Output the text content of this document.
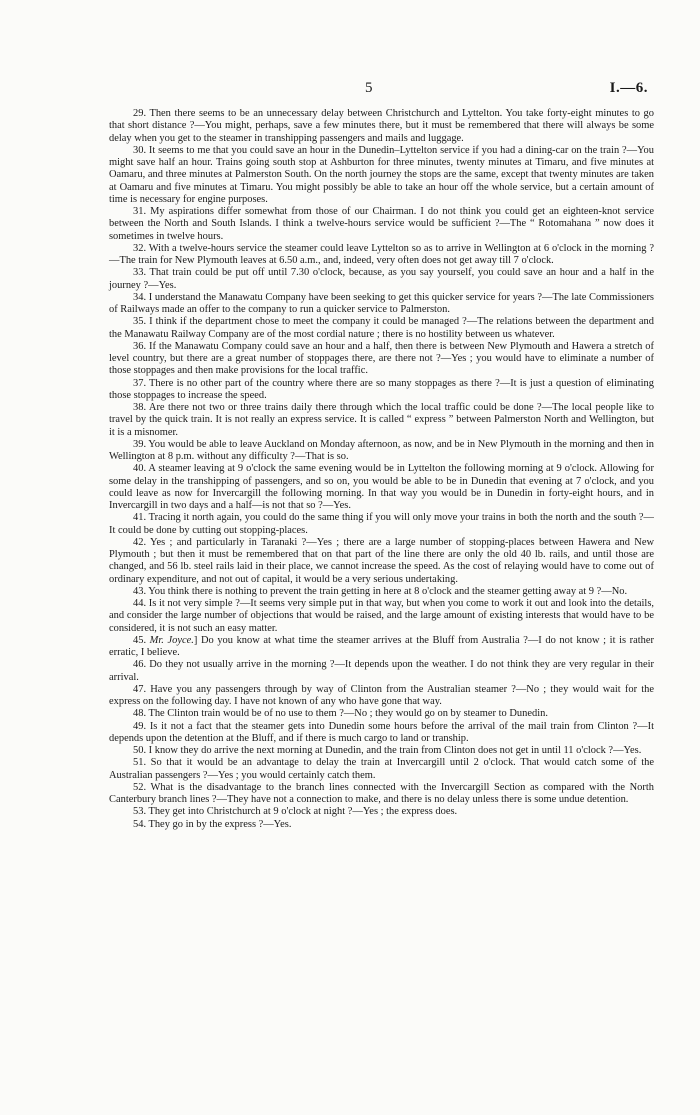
5	I.—6.

29. Then there seems to be an unnecessary delay between Christchurch and Lyttelton. You take forty-eight minutes to go that short distance ?—You might, perhaps, save a few minutes there, but it must be remembered that there will always be some delay when you get to the steamer in transhipping passengers and mails and luggage.

30. It seems to me that you could save an hour in the Dunedin–Lyttelton service if you had a dining-car on the train ?—You might save half an hour. Trains going south stop at Ashburton for three minutes, twenty minutes at Timaru, and five minutes at Oamaru, and three minutes at Palmerston South. On the north journey the stops are the same, except that twenty minutes are taken at Oamaru and five minutes at Timaru. You might possibly be able to take an hour off the whole service, but a certain amount of time is necessary for engine purposes.

31. My aspirations differ somewhat from those of our Chairman. I do not think you could get an eighteen-knot service between the North and South Islands. I think a twelve-hours service would be sufficient ?—The “ Rotomahana ” now does it sometimes in twelve hours.

32. With a twelve-hours service the steamer could leave Lyttelton so as to arrive in Wellington at 6 o'clock in the morning ?—The train for New Plymouth leaves at 6.50 a.m., and, indeed, very often does not get away till 7 o'clock.

33. That train could be put off until 7.30 o'clock, because, as you say yourself, you could save an hour and a half in the journey ?—Yes.

34. I understand the Manawatu Company have been seeking to get this quicker service for years ?—The late Commissioners of Railways made an offer to the company to run a quicker service to Palmerston.

35. I think if the department chose to meet the company it could be managed ?—The relations between the department and the Manawatu Railway Company are of the most cordial nature ; there is no hostility between us whatever.

36. If the Manawatu Company could save an hour and a half, then there is between New Plymouth and Hawera a stretch of level country, but there are a great number of stoppages there, are there not ?—Yes ; you would have to eliminate a number of those stoppages and then make provisions for the local traffic.

37. There is no other part of the country where there are so many stoppages as there ?—It is just a question of eliminating those stoppages to increase the speed.

38. Are there not two or three trains daily there through which the local traffic could be done ?—The local people like to travel by the quick train. It is not really an express service. It is called “ express ” between Palmerston North and Wellington, but it is a misnomer.

39. You would be able to leave Auckland on Monday afternoon, as now, and be in New Plymouth in the morning and then in Wellington at 8 p.m. without any difficulty ?—That is so.

40. A steamer leaving at 9 o'clock the same evening would be in Lyttelton the following morning at 9 o'clock. Allowing for some delay in the transhipping of passengers, and so on, you would be able to be in Dunedin that evening at 7 o'clock, and you could leave as now for Invercargill the following morning. In that way you would be in Dunedin in forty-eight hours, and in Invercargill in two days and a half—is not that so ?—Yes.

41. Tracing it north again, you could do the same thing if you will only move your trains in both the north and the south ?—It could be done by cutting out stopping-places.

42. Yes ; and particularly in Taranaki ?—Yes ; there are a large number of stopping-places between Hawera and New Plymouth ; but then it must be remembered that on that part of the line there are only the old 40 lb. rails, and until those are changed, and 56 lb. steel rails laid in their place, we cannot increase the speed. As the cost of relaying would have to come out of ordinary expenditure, and not out of capital, it would be a very serious undertaking.

43. You think there is nothing to prevent the train getting in here at 8 o'clock and the steamer getting away at 9 ?—No.

44. Is it not very simple ?—It seems very simple put in that way, but when you come to work it out and look into the details, and consider the large number of objections that would be raised, and the large amount of existing interests that would have to be considered, it is not such an easy matter.

45. Mr. Joyce.] Do you know at what time the steamer arrives at the Bluff from Australia ?—I do not know ; it is rather erratic, I believe.

46. Do they not usually arrive in the morning ?—It depends upon the weather. I do not think they are very regular in their arrival.

47. Have you any passengers through by way of Clinton from the Australian steamer ?—No ; they would wait for the express on the following day. I have not known of any who have gone that way.

48. The Clinton train would be of no use to them ?—No ; they would go on by steamer to Dunedin.

49. Is it not a fact that the steamer gets into Dunedin some hours before the arrival of the mail train from Clinton ?—It depends upon the detention at the Bluff, and if there is much cargo to land or tranship.

50. I know they do arrive the next morning at Dunedin, and the train from Clinton does not get in until 11 o'clock ?—Yes.

51. So that it would be an advantage to delay the train at Invercargill until 2 o'clock. That would catch some of the Australian passengers ?—Yes ; you would certainly catch them.

52. What is the disadvantage to the branch lines connected with the Invercargill Section as compared with the North Canterbury branch lines ?—They have not a connection to make, and there is no delay unless there is some undue detention.

53. They get into Christchurch at 9 o'clock at night ?—Yes ; the express does.

54. They go in by the express ?—Yes.
